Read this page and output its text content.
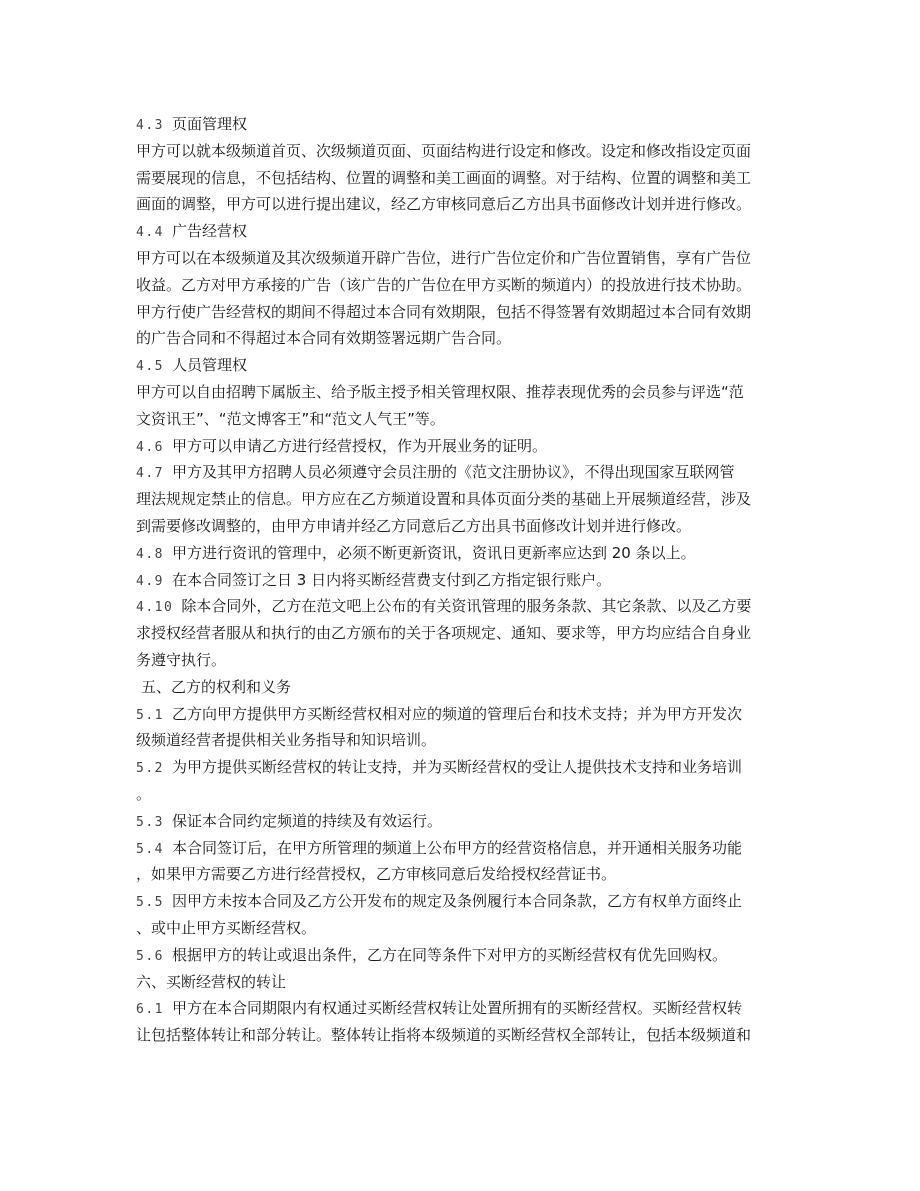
4.3 页面管理权
甲方可以就本级频道首页、次级频道页面、页面结构进行设定和修改。设定和修改指设定页面
需要展现的信息，不包括结构、位置的调整和美工画面的调整。对于结构、位置的调整和美工
画面的调整，甲方可以进行提出建议，经乙方审核同意后乙方出具书面修改计划并进行修改。
4.4 广告经营权
甲方可以在本级频道及其次级频道开辟广告位，进行广告位定价和广告位置销售，享有广告位
收益。乙方对甲方承接的广告（该广告的广告位在甲方买断的频道内）的投放进行技术协助。
甲方行使广告经营权的期间不得超过本合同有效期限，包括不得签署有效期超过本合同有效期
的广告合同和不得超过本合同有效期签署远期广告合同。
4.5 人员管理权
甲方可以自由招聘下属版主、给予版主授予相关管理权限、推荐表现优秀的会员参与评选“范
文资讯王”、“范文博客王”和“范文人气王”等。
4.6 甲方可以申请乙方进行经营授权，作为开展业务的证明。
4.7 甲方及其甲方招聘人员必须遵守会员注册的《范文注册协议》，不得出现国家互联网管
理法规规定禁止的信息。甲方应在乙方频道设置和具体页面分类的基础上开展频道经营，涉及
到需要修改调整的，由甲方申请并经乙方同意后乙方出具书面修改计划并进行修改。
4.8 甲方进行资讯的管理中，必须不断更新资讯，资讯日更新率应达到 20 条以上。
4.9 在本合同签订之日 3 日内将买断经营费支付到乙方指定银行账户。
4.10 除本合同外，乙方在范文吧上公布的有关资讯管理的服务条款、其它条款、以及乙方要
求授权经营者服从和执行的由乙方颁布的关于各项规定、通知、要求等，甲方均应结合自身业
务遵守执行。
五、乙方的权利和义务
5.1 乙方向甲方提供甲方买断经营权相对应的频道的管理后台和技术支持；并为甲方开发次
级频道经营者提供相关业务指导和知识培训。
5.2 为甲方提供买断经营权的转让支持，并为买断经营权的受让人提供技术支持和业务培训
。
5.3 保证本合同约定频道的持续及有效运行。
5.4 本合同签订后，在甲方所管理的频道上公布甲方的经营资格信息，并开通相关服务功能
，如果甲方需要乙方进行经营授权，乙方审核同意后发给授权经营证书。
5.5 因甲方未按本合同及乙方公开发布的规定及条例履行本合同条款，乙方有权单方面终止
、或中止甲方买断经营权。
5.6 根据甲方的转让或退出条件，乙方在同等条件下对甲方的买断经营权有优先回购权。
六、买断经营权的转让
6.1 甲方在本合同期限内有权通过买断经营权转让处置所拥有的买断经营权。买断经营权转
让包括整体转让和部分转让。整体转让指将本级频道的买断经营权全部转让，包括本级频道和
